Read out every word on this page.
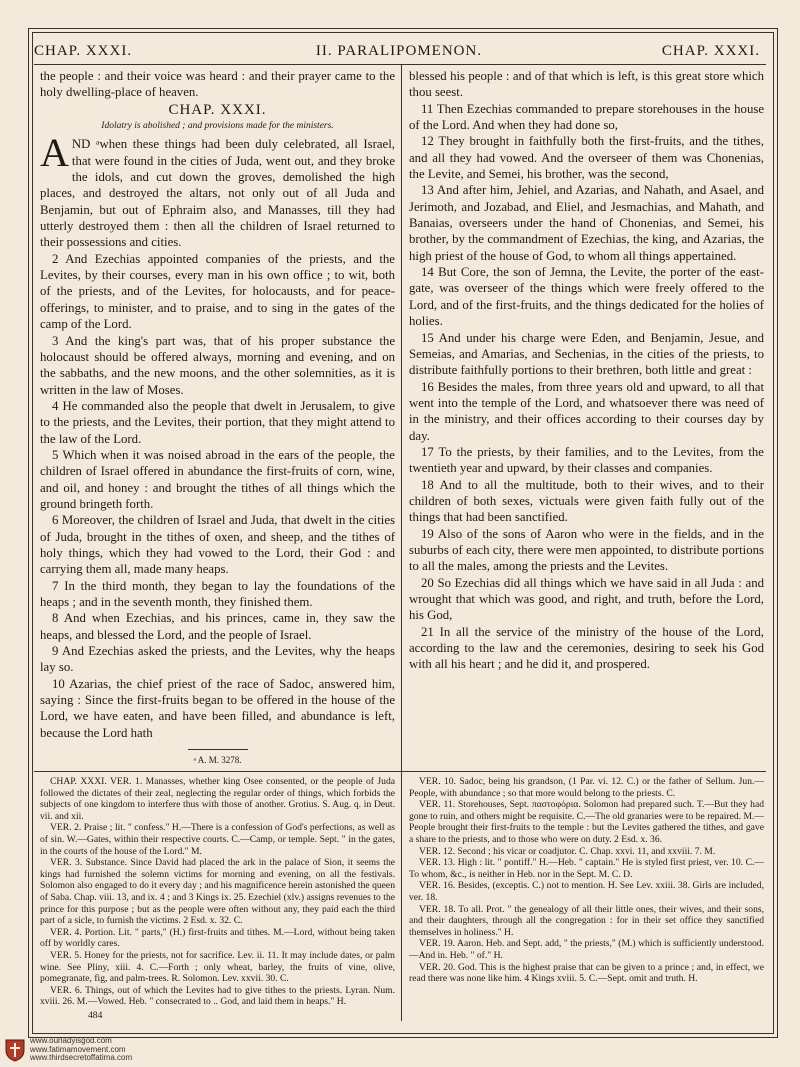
CHAP. XXXI.	II. PARALIPOMENON.	CHAP. XXXI.

the people : and their voice was heard : and their prayer came to the holy dwelling-place of heaven.

CHAP. XXXI.
Idolatry is abolished ; and provisions made for the ministers.

AND ᵃwhen these things had been duly celebrated, all Israel, that were found in the cities of Juda, went out, and they broke the idols, and cut down the groves, demolished the high places, and destroyed the altars, not only out of all Juda and Benjamin, but out of Ephraim also, and Manasses, till they had utterly destroyed them : then all the children of Israel returned to their possessions and cities.

2 And Ezechias appointed companies of the priests, and the Levites, by their courses, every man in his own office ; to wit, both of the priests, and of the Levites, for holocausts, and for peace-offerings, to minister, and to praise, and to sing in the gates of the camp of the Lord.

3 And the king's part was, that of his proper substance the holocaust should be offered always, morning and evening, and on the sabbaths, and the new moons, and the other solemnities, as it is written in the law of Moses.

4 He commanded also the people that dwelt in Jerusalem, to give to the priests, and the Levites, their portion, that they might attend to the law of the Lord.

5 Which when it was noised abroad in the ears of the people, the children of Israel offered in abundance the first-fruits of corn, wine, and oil, and honey : and brought the tithes of all things which the ground bringeth forth.

6 Moreover, the children of Israel and Juda, that dwelt in the cities of Juda, brought in the tithes of oxen, and sheep, and the tithes of holy things, which they had vowed to the Lord, their God : and carrying them all, made many heaps.

7 In the third month, they began to lay the foundations of the heaps ; and in the seventh month, they finished them.

8 And when Ezechias, and his princes, came in, they saw the heaps, and blessed the Lord, and the people of Israel.

9 And Ezechias asked the priests, and the Levites, why the heaps lay so.

10 Azarias, the chief priest of the race of Sadoc, answered him, saying : Since the first-fruits began to be offered in the house of the Lord, we have eaten, and have been filled, and abundance is left, because the Lord hath

ᵃ A. M. 3278.

blessed his people : and of that which is left, is this great store which thou seest.

11 Then Ezechias commanded to prepare storehouses in the house of the Lord. And when they had done so,

12 They brought in faithfully both the first-fruits, and the tithes, and all they had vowed. And the overseer of them was Chonenias, the Levite, and Semei, his brother, was the second,

13 And after him, Jehiel, and Azarias, and Nahath, and Asael, and Jerimoth, and Jozabad, and Eliel, and Jesmachias, and Mahath, and Banaias, overseers under the hand of Chonenias, and Semei, his brother, by the commandment of Ezechias, the king, and Azarias, the high priest of the house of God, to whom all things appertained.

14 But Core, the son of Jemna, the Levite, the porter of the east-gate, was overseer of the things which were freely offered to the Lord, and of the first-fruits, and the things dedicated for the holies of holies.

15 And under his charge were Eden, and Benjamin, Jesue, and Semeias, and Amarias, and Sechenias, in the cities of the priests, to distribute faithfully portions to their brethren, both little and great :

16 Besides the males, from three years old and upward, to all that went into the temple of the Lord, and whatsoever there was need of in the ministry, and their offices according to their courses day by day.

17 To the priests, by their families, and to the Levites, from the twentieth year and upward, by their classes and companies.

18 And to all the multitude, both to their wives, and to their children of both sexes, victuals were given faith fully out of the things that had been sanctified.

19 Also of the sons of Aaron who were in the fields, and in the suburbs of each city, there were men appointed, to distribute portions to all the males, among the priests and the Levites.

20 So Ezechias did all things which we have said in all Juda : and wrought that which was good, and right, and truth, before the Lord, his God,

21 In all the service of the ministry of the house of the Lord, according to the law and the ceremonies, desiring to seek his God with all his heart ; and he did it, and prospered.

CHAP. XXXI. VER. 1. Manasses, whether king Osee consented, or the people of Juda followed the dictates of their zeal, neglecting the regular order of things, which forbids the subjects of one kingdom to interfere thus with those of another. Grotius. S. Aug. q. in Deut. vii. and xii.

VER. 2. Praise ; lit. " confess." H.—There is a confession of God's perfections, as well as of sin. W.—Gates, within their respective courts. C.—Camp, or temple. Sept. " in the gates, in the courts of the house of the Lord." M.

VER. 3. Substance. Since David had placed the ark in the palace of Sion, it seems the kings had furnished the solemn victims for morning and evening, on all the festivals. Solomon also engaged to do it every day ; and his magnificence herein astonished the queen of Saba. Chap. viii. 13, and ix. 4 ; and 3 Kings ix. 25. Ezechiel (xlv.) assigns revenues to the prince for this purpose ; but as the people were often without any, they paid each the third part of a sicle, to furnish the victims. 2 Esd. x. 32. C.

VER. 4. Portion. Lit. " parts," (H.) first-fruits and tithes. M.—Lord, without being taken off by worldly cares.

VER. 5. Honey for the priests, not for sacrifice. Lev. ii. 11. It may include dates, or palm wine. See Pliny, xiii. 4. C.—Forth ; only wheat, barley, the fruits of vine, olive, pomegranate, fig, and palm-trees. R. Solomon. Lev. xxvii. 30. C.

VER. 6. Things, out of which the Levites had to give tithes to the priests. Lyran. Num. xviii. 26. M.—Vowed. Heb. " consecrated to .. God, and laid them in heaps." H.

484

VER. 10. Sadoc, being his grandson, (1 Par. vi. 12. C.) or the father of Sellum. Jun.—People, with abundance ; so that more would belong to the priests. C.

VER. 11. Storehouses, Sept. παστοφόρια. Solomon had prepared such. T.—But they had gone to ruin, and others might be requisite. C.—The old granaries were to be repaired. M.—People brought their first-fruits to the temple : but the Levites gathered the tithes, and gave a share to the priests, and to those who were on duty. 2 Esd. x. 36.

VER. 12. Second ; his vicar or coadjutor. C. Chap. xxvi. 11, and xxviii. 7. M.

VER. 13. High : lit. " pontiff." H.—Heb. " captain." He is styled first priest, ver. 10. C.—To whom, &c., is neither in Heb. nor in the Sept. M. C. D.

VER. 16. Besides, (exceptis. C.) not to mention. H. See Lev. xxiii. 38. Girls are included, ver. 18.

VER. 18. To all. Prot. " the genealogy of all their little ones, their wives, and their sons, and their daughters, through all the congregation : for in their set office they sanctified themselves in holiness." H.

VER. 19. Aaron. Heb. and Sept. add, " the priests," (M.) which is sufficiently understood.—And in. Heb. " of." H.

VER. 20. God. This is the highest praise that can be given to a prince ; and, in effect, we read there was none like him. 4 Kings xviii. 5. C.—Sept. omit and truth. H.

www.ourladyisgod.com
www.fatimamovement.com
www.thirdsecretoffatima.com
